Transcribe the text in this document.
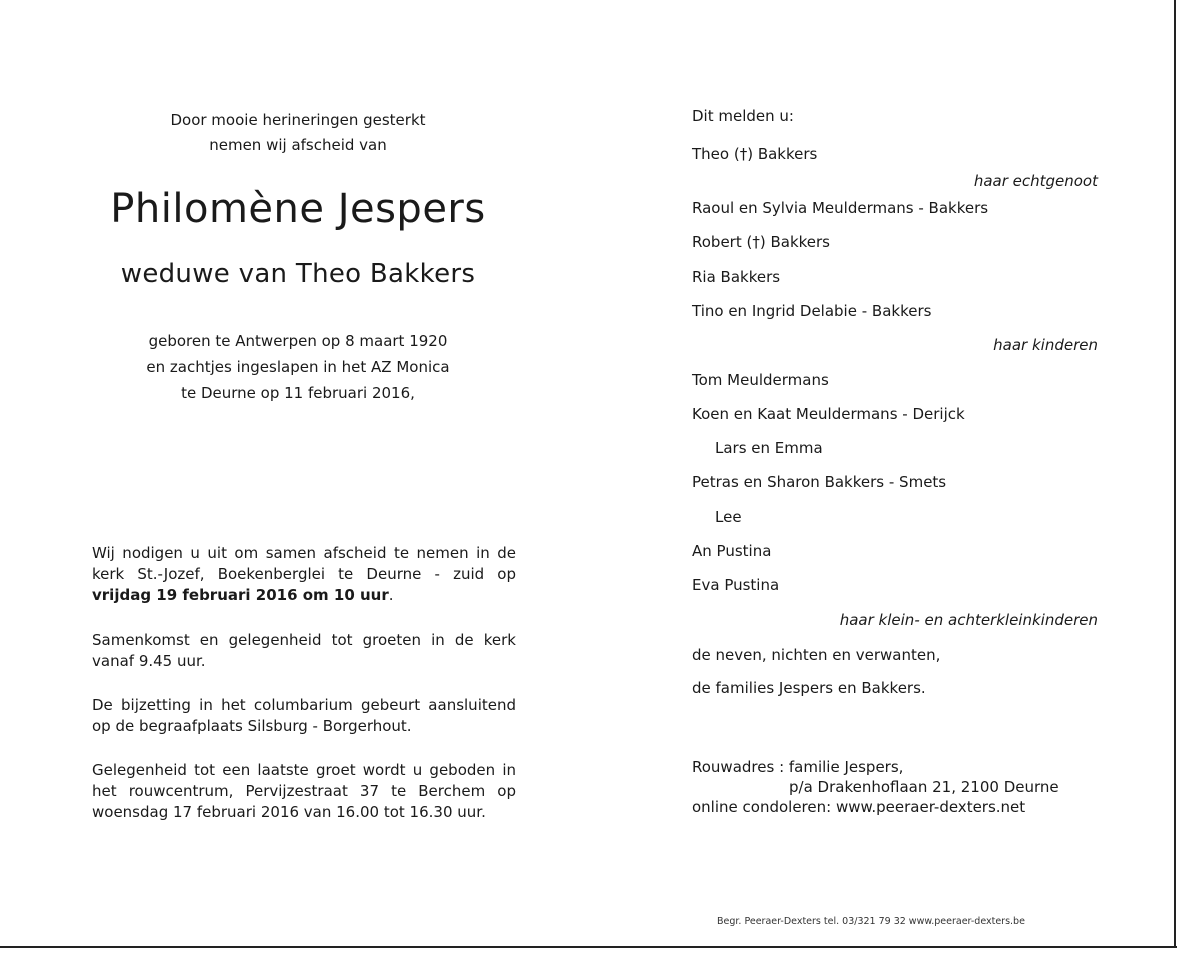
Door mooie herineringen gesterkt
nemen wij afscheid van
Philomène Jespers
weduwe van Theo Bakkers
geboren te Antwerpen op 8 maart 1920
en zachtjes ingeslapen in het AZ Monica
te Deurne op 11 februari 2016,
Wij nodigen u uit om samen afscheid te nemen in de kerk St.-Jozef, Boekenberglei te Deurne - zuid op vrijdag 19 februari 2016 om 10 uur.
Samenkomst en gelegenheid tot groeten in de kerk vanaf 9.45 uur.
De bijzetting in het columbarium gebeurt aansluitend op de begraafplaats Silsburg - Borgerhout.
Gelegenheid tot een laatste groet wordt u geboden in het rouwcentrum, Pervijzestraat 37 te Berchem op woensdag 17 februari 2016 van 16.00 tot 16.30 uur.
Dit melden u:
Theo (†) Bakkers
haar echtgenoot
Raoul en Sylvia Meuldermans - Bakkers
Robert (†) Bakkers
Ria Bakkers
Tino en Ingrid Delabie - Bakkers
haar kinderen
Tom Meuldermans
Koen en Kaat Meuldermans - Derijck
Lars en Emma
Petras en Sharon Bakkers - Smets
Lee
An Pustina
Eva Pustina
haar klein- en achterkleinkinderen
de neven, nichten en verwanten,
de families Jespers en Bakkers.
Rouwadres : familie Jespers,
p/a Drakenhoflaan 21, 2100 Deurne
online condoleren: www.peeraer-dexters.net
Begr. Peeraer-Dexters tel. 03/321 79 32 www.peeraer-dexters.be
